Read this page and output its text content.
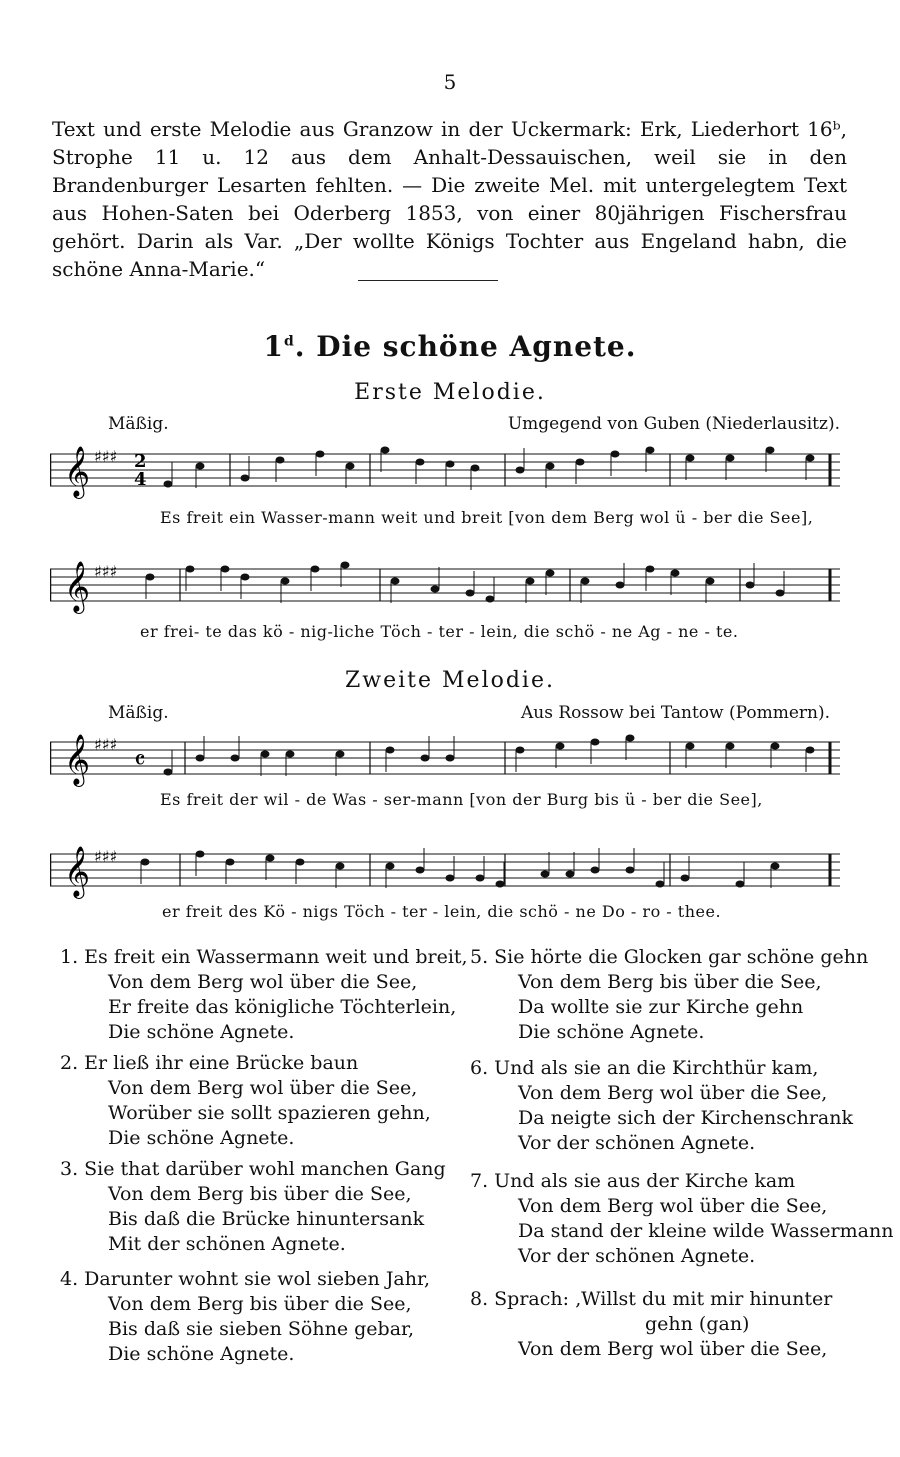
5
Text und erste Melodie aus Granzow in der Uckermark: Erk, Liederhort 16ᵇ, Strophe 11 u. 12 aus dem Anhalt-Dessauischen, weil sie in den Brandenburger Lesarten fehlten. — Die zweite Mel. mit untergelegtem Text aus Hohen-Saten bei Oderberg 1853, von einer 80jährigen Fischersfrau gehört. Darin als Var. „Der wollte Königs Tochter aus Engeland habn, die schöne Anna-Marie.“
1$^d$. Die schöne Agnete.
Erste Melodie.
Mäßig.	Umgegend von Guben (Niederlausitz).
𝄞 ♯♯♯ 2
4
Es freit ein Wasser-mann weit und breit [von dem Berg wol ü - ber die See],
𝄞 ♯♯♯
er frei- te das kö - nig-liche Töch - ter - lein, die schö - ne Ag - ne - te.
Zweite Melodie.
Mäßig.	Aus Rossow bei Tantow (Pommern).
𝄞 ♯♯♯
𝄴
Es freit der wil - de Was - ser-mann [von der Burg bis ü - ber die See],
𝄞 ♯♯♯
er freit des Kö - nigs Töch - ter - lein, die schö - ne Do - ro - thee.
1. Es freit ein Wassermann weit und breit,
Von dem Berg wol über die See,
Er freite das königliche Töchterlein,
Die schöne Agnete.
2. Er ließ ihr eine Brücke baun
Von dem Berg wol über die See,
Worüber sie sollt spazieren gehn,
Die schöne Agnete.
3. Sie that darüber wohl manchen Gang
Von dem Berg bis über die See,
Bis daß die Brücke hinuntersank
Mit der schönen Agnete.
4. Darunter wohnt sie wol sieben Jahr,
Von dem Berg bis über die See,
Bis daß sie sieben Söhne gebar,
Die schöne Agnete.
5. Sie hörte die Glocken gar schöne gehn
Von dem Berg bis über die See,
Da wollte sie zur Kirche gehn
Die schöne Agnete.
6. Und als sie an die Kirchthür kam,
Von dem Berg wol über die See,
Da neigte sich der Kirchenschrank
Vor der schönen Agnete.
7. Und als sie aus der Kirche kam
Von dem Berg wol über die See,
Da stand der kleine wilde Wassermann
Vor der schönen Agnete.
8. Sprach: ‚Willst du mit mir hinunter
gehn (gan)
Von dem Berg wol über die See,
